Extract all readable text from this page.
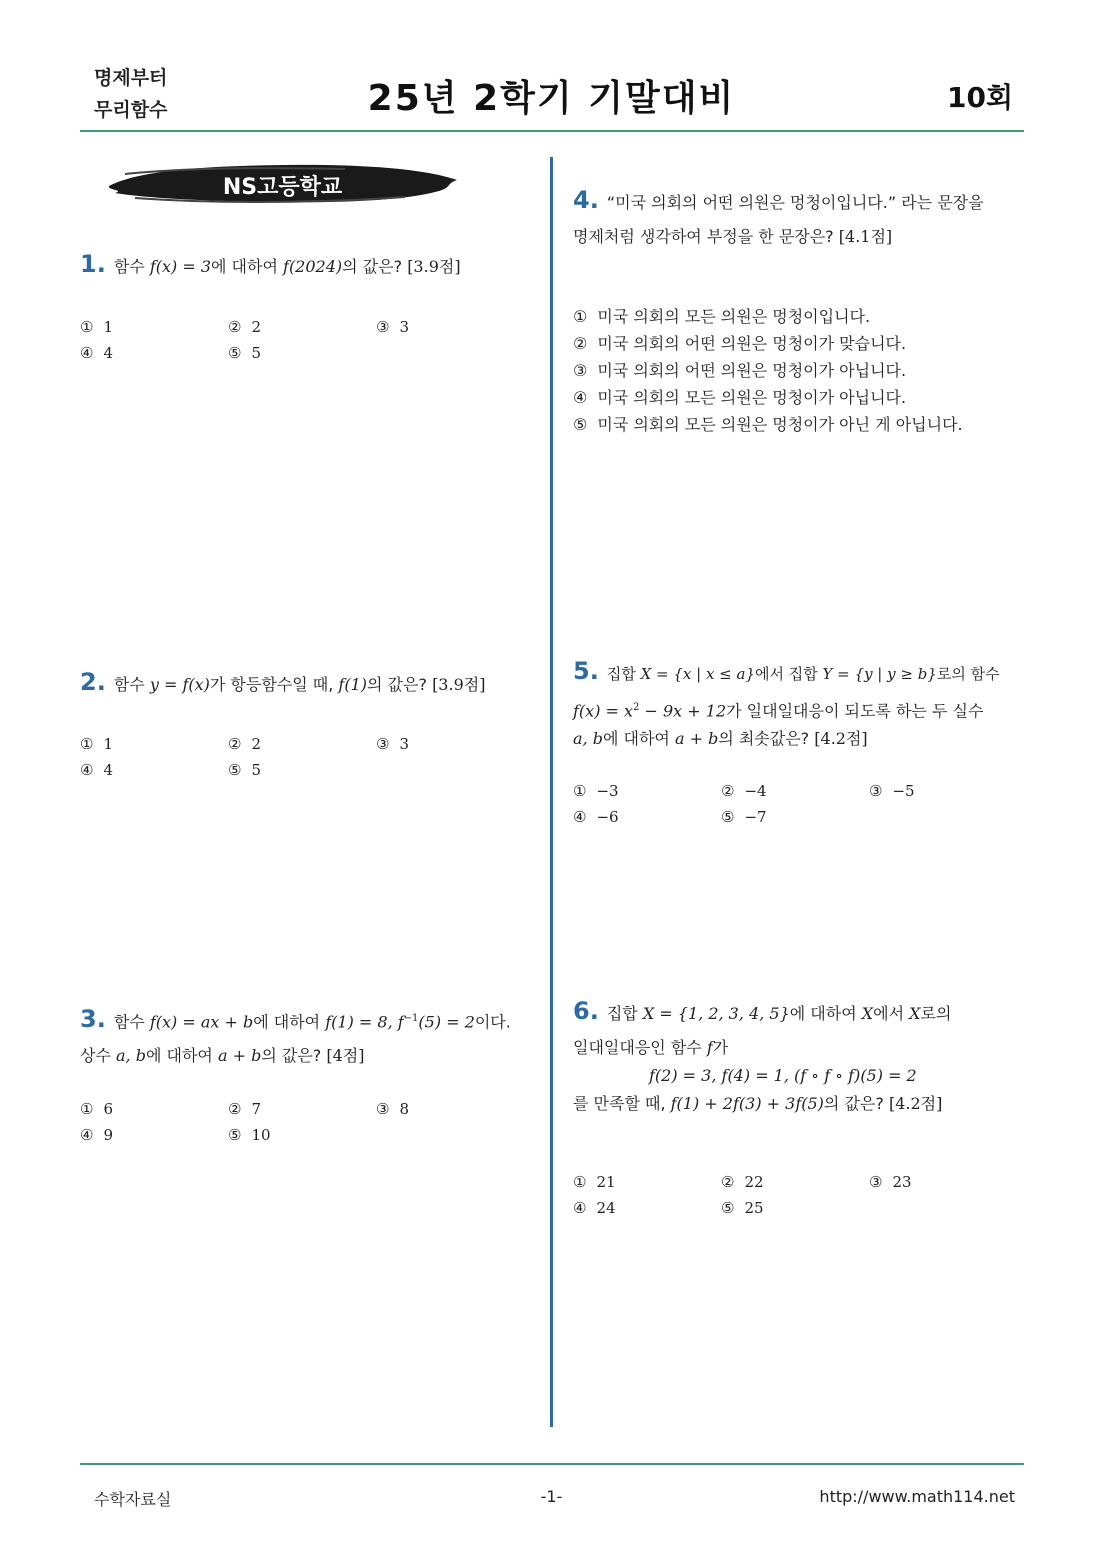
명제부터
무리함수	25년 2학기 기말대비	10회
NS고등학교
1. 함수 f(x) = 3에 대하여 f(2024)의 값은? [3.9점]
① 1	② 2	③ 3
④ 4	⑤ 5
2. 함수 y = f(x)가 항등함수일 때, f(1)의 값은? [3.9점]
① 1	② 2	③ 3
④ 4	⑤ 5
3. 함수 f(x) = ax + b에 대하여 f(1) = 8, $f^{-1}(5) = 2$이다.
상수 a, b에 대하여 a + b의 값은? [4점]
① 6	② 7	③ 8
④ 9	⑤ 10
4. “미국 의회의 어떤 의원은 멍청이입니다.” 라는 문장을
명제처럼 생각하여 부정을 한 문장은? [4.1점]
① 미국 의회의 모든 의원은 멍청이입니다.
② 미국 의회의 어떤 의원은 멍청이가 맞습니다.
③ 미국 의회의 어떤 의원은 멍청이가 아닙니다.
④ 미국 의회의 모든 의원은 멍청이가 아닙니다.
⑤ 미국 의회의 모든 의원은 멍청이가 아닌 게 아닙니다.
5. 집합 X = {x | x ≤ a}에서 집합 Y = {y | y ≥ b}로의 함수
$f(x) = x^2 - 9x + 12$가 일대일대응이 되도록 하는 두 실수
a, b에 대하여 a + b의 최솟값은? [4.2점]
① −3	② −4	③ −5
④ −6	⑤ −7
6. 집합 X = {1, 2, 3, 4, 5}에 대하여 X에서 X로의
일대일대응인 함수 f가
f(2) = 3, f(4) = 1, (f ∘ f ∘ f)(5) = 2
를 만족할 때, f(1) + 2f(3) + 3f(5)의 값은? [4.2점]
① 21	② 22	③ 23
④ 24	⑤ 25
수학자료실	-1-	http://www.math114.net
